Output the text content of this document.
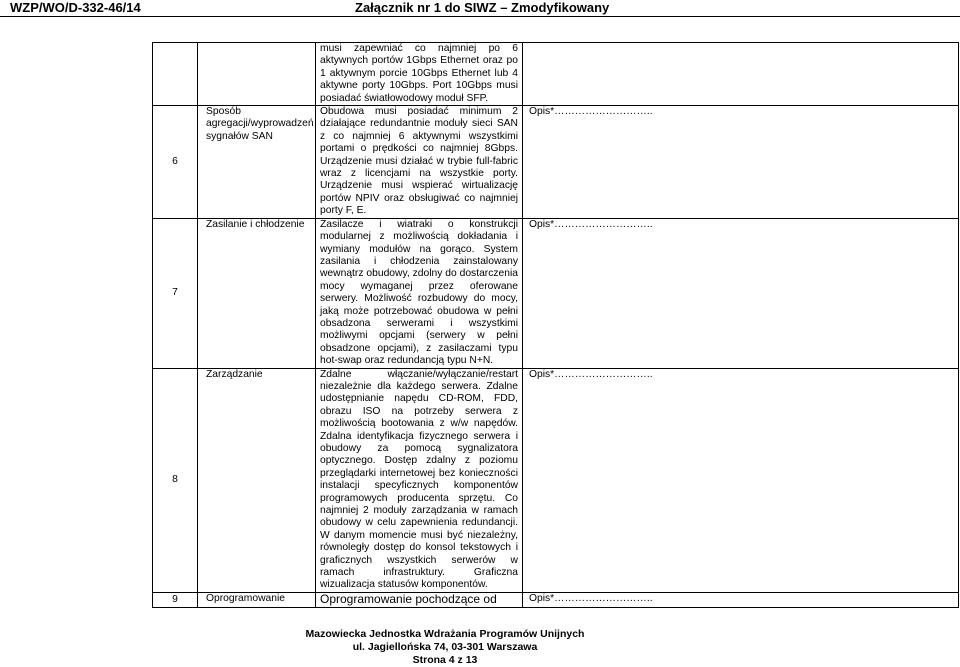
WZP/WO/D-332-46/14	Załącznik nr 1 do SIWZ – Zmodyfikowany
		musi zapewniać co najmniej po 6 aktywnych portów 1Gbps Ethernet oraz po 1 aktywnym porcie 10Gbps Ethernet lub 4 aktywne porty 10Gbps. Port 10Gbps musi posiadać światłowodowy moduł SFP.	
6	Sposób agregacji/wyprowadzeń sygnałów SAN	Obudowa musi posiadać minimum 2 działające redundantnie moduły sieci SAN z co najmniej 6 aktywnymi wszystkimi portami o prędkości co najmniej 8Gbps. Urządzenie musi działać w trybie full-fabric wraz z licencjami na wszystkie porty. Urządzenie musi wspierać wirtualizację portów NPIV oraz obsługiwać co najmniej porty F, E.	Opis*………………………..
7	Zasilanie i chłodzenie	Zasilacze i wiatraki o konstrukcji modularnej z możliwością dokładania i wymiany modułów na gorąco. System zasilania i chłodzenia zainstalowany wewnątrz obudowy, zdolny do dostarczenia mocy wymaganej przez oferowane serwery. Możliwość rozbudowy do mocy, jaką może potrzebować obudowa w pełni obsadzona serwerami i wszystkimi możliwymi opcjami (serwery w pełni obsadzone opcjami), z zasilaczami typu hot-swap oraz redundancją typu N+N.	Opis*………………………..
8	Zarządzanie	Zdalne włączanie/wyłączanie/restart niezależnie dla każdego serwera. Zdalne udostępnianie napędu CD-ROM, FDD, obrazu ISO na potrzeby serwera z możliwością bootowania z w/w napędów. Zdalna identyfikacja fizycznego serwera i obudowy za pomocą sygnalizatora optycznego. Dostęp zdalny z poziomu przeglądarki internetowej bez konieczności instalacji specyficznych komponentów programowych producenta sprzętu. Co najmniej 2 moduły zarządzania w ramach obudowy w celu zapewnienia redundancji. W danym momencie musi być niezależny, równoległy dostęp do konsol tekstowych i graficznych wszystkich serwerów w ramach infrastruktury. Graficzna wizualizacja statusów komponentów.	Opis*………………………..
9	Oprogramowanie	Oprogramowanie pochodzące od	Opis*………………………..
Mazowiecka Jednostka Wdrażania Programów Unijnych
ul. Jagiellońska 74, 03-301 Warszawa
Strona 4 z 13
